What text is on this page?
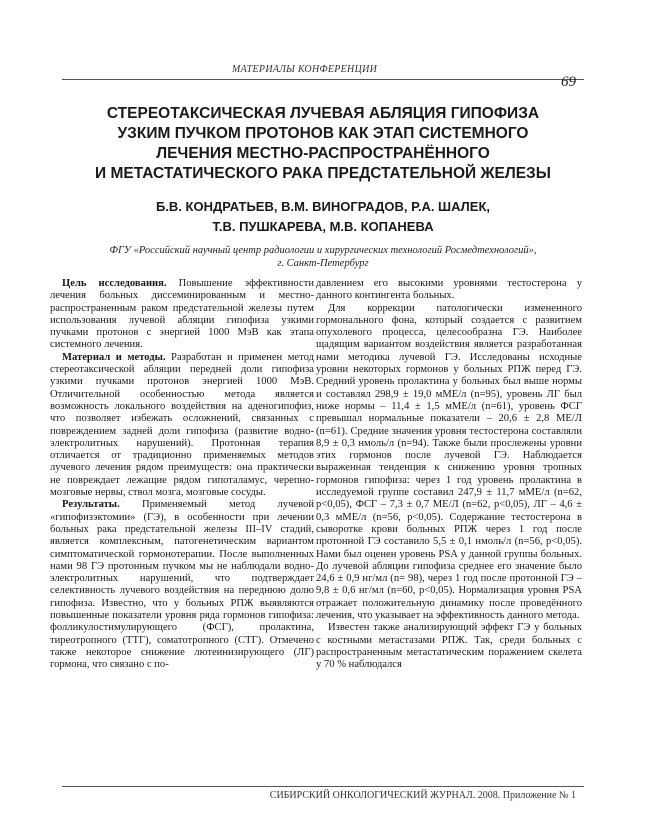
МАТЕРИАЛЫ КОНФЕРЕНЦИИ
69
СТЕРЕОТАКСИЧЕСКАЯ ЛУЧЕВАЯ АБЛЯЦИЯ ГИПОФИЗА
УЗКИМ ПУЧКОМ ПРОТОНОВ КАК ЭТАП СИСТЕМНОГО
ЛЕЧЕНИЯ МЕСТНО-РАСПРОСТРАНЁННОГО
И МЕТАСТАТИЧЕСКОГО РАКА ПРЕДСТАТЕЛЬНОЙ ЖЕЛЕЗЫ
Б.В. КОНДРАТЬЕВ, В.М. ВИНОГРАДОВ, Р.А. ШАЛЕК,
Т.В. ПУШКАРЕВА, М.В. КОПАНЕВА
ФГУ «Российский научный центр радиологии и хирургических технологий Росмедтехнологий»,
г. Санкт-Петербург

Цель исследования. Повышение эффективности лечения больных диссеминированным и местно-распространенным раком предстательной железы путем использования лучевой абляции гипофиза узкими пучками протонов с энергией 1000 МэВ как этапа системного лечения.

Материал и методы. Разработан и применен метод стереотаксической абляции передней доли гипофиза узкими пучками протонов энергией 1000 МэВ. Отличительной особенностью метода является возможность локального воздействия на аденогипофиз, что позволяет избежать осложнений, связанных с повреждением задней доли гипофиза (развитие водно-электролитных нарушений). Протонная терапия отличается от традиционно применяемых методов лучевого лечения рядом преимуществ: она практически не повреждает лежащие рядом гипоталамус, черепно-мозговые нервы, ствол мозга, мозговые сосуды.

Результаты. Применяемый метод лучевой «гипофизэктомии» (ГЭ), в особенности при лечении больных рака предстательной железы III–IV стадий, является комплексным, патогенетическим вариантом симптоматической гормонотерапии. После выполненных нами 98 ГЭ протонным пучком мы не наблюдали водно-электролитных нарушений, что подтверждает селективность лучевого воздействия на переднюю долю гипофиза. Известно, что у больных РПЖ выявляются повышенные показатели уровня ряда гормонов гипофиза: фолликулостимулирующего (ФСГ), пролактина, тиреотропного (ТТГ), соматотропного (СТГ). Отмечено также некоторое снижение лютеинизирующего (ЛГ) гормона, что связано с по-

давлением его высокими уровнями тестостерона у данного контингента больных.

Для коррекции патологически измененного гормонального фона, который создается с развитием опухолевого процесса, целесообразна ГЭ. Наиболее щадящим вариантом воздействия является разработанная нами методика лучевой ГЭ. Исследованы исходные уровни некоторых гормонов у больных РПЖ перед ГЭ. Средний уровень пролактина у больных был выше нормы и составлял 298,9 ± 19,0 мМЕ/л (n=95), уровень ЛГ был ниже нормы – 11,4 ± 1,5 мМЕ/л (n=61), уровень ФСГ превышал нормальные показатели – 20,6 ± 2,8 МЕ/Л (n=61). Средние значения уровня тестостерона составляли 8,9 ± 0,3 нмоль/л (n=94). Также были прослежены уровни этих гормонов после лучевой ГЭ. Наблюдается выраженная тенденция к снижению уровня тропных гормонов гипофиза: через 1 год уровень пролактина в исследуемой группе составил 247,9 ± 11,7 мМЕ/л (n=62, р<0,05), ФСГ – 7,3 ± 0,7 МЕ/Л (n=62, р<0,05), ЛГ – 4,6 ± 0,3 мМЕ/л (n=56, р<0,05). Содержание тестостерона в сыворотке крови больных РПЖ через 1 год после протонной ГЭ составило 5,5 ± 0,1 нмоль/л (n=56, р<0,05). Нами был оценен уровень PSA у данной группы больных. До лучевой абляции гипофиза среднее его значение было 24,6 ± 0,9 нг/мл (n= 98), через 1 год после протонной ГЭ – 9,8 ± 0,6 нг/мл (n=60, р<0,05). Нормализация уровня PSA отражает положительную динамику после проведённого лечения, что указывает на эффективность данного метода.

Известен также анализирующий эффект ГЭ у больных с костными метастазами РПЖ. Так, среди больных с распространенным метастатическим поражением скелета у 70 % наблюдался

СИБИРСКИЙ ОНКОЛОГИЧЕСКИЙ ЖУРНАЛ. 2008. Приложение № 1
